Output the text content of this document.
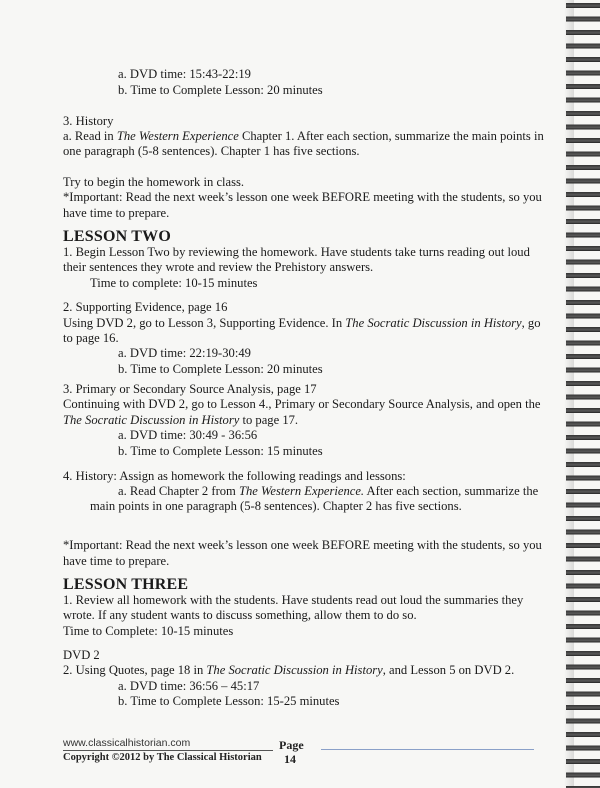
a. DVD time: 15:43-22:19
b. Time to Complete Lesson: 20 minutes
3. History
a. Read in The Western Experience Chapter 1. After each section, summarize the main points in
one paragraph (5-8 sentences). Chapter 1 has five sections.
Try to begin the homework in class.
*Important: Read the next week’s lesson one week BEFORE meeting with the students, so you
have time to prepare.
LESSON TWO
1. Begin Lesson Two by reviewing the homework. Have students take turns reading out loud
their sentences they wrote and review the Prehistory answers.
Time to complete: 10-15 minutes
2. Supporting Evidence, page 16
Using DVD 2, go to Lesson 3, Supporting Evidence. In The Socratic Discussion in History, go
to page 16.
a. DVD time: 22:19-30:49
b. Time to Complete Lesson: 20 minutes
3. Primary or Secondary Source Analysis, page 17
Continuing with DVD 2, go to Lesson 4., Primary or Secondary Source Analysis, and open the
The Socratic Discussion in History to page 17.
a. DVD time: 30:49 - 36:56
b. Time to Complete Lesson: 15 minutes
4. History: Assign as homework the following readings and lessons:
a. Read Chapter 2 from The Western Experience. After each section, summarize the
main points in one paragraph (5-8 sentences). Chapter 2 has five sections.
*Important: Read the next week’s lesson one week BEFORE meeting with the students, so you
have time to prepare.
LESSON THREE
1. Review all homework with the students. Have students read out loud the summaries they
wrote. If any student wants to discuss something, allow them to do so.
Time to Complete: 10-15 minutes
DVD 2
2. Using Quotes, page 18 in The Socratic Discussion in History, and Lesson 5 on DVD 2.
a. DVD time: 36:56 – 45:17
b. Time to Complete Lesson: 15-25 minutes
www.classicalhistorian.com
Copyright ©2012 by The Classical Historian
Page
14
